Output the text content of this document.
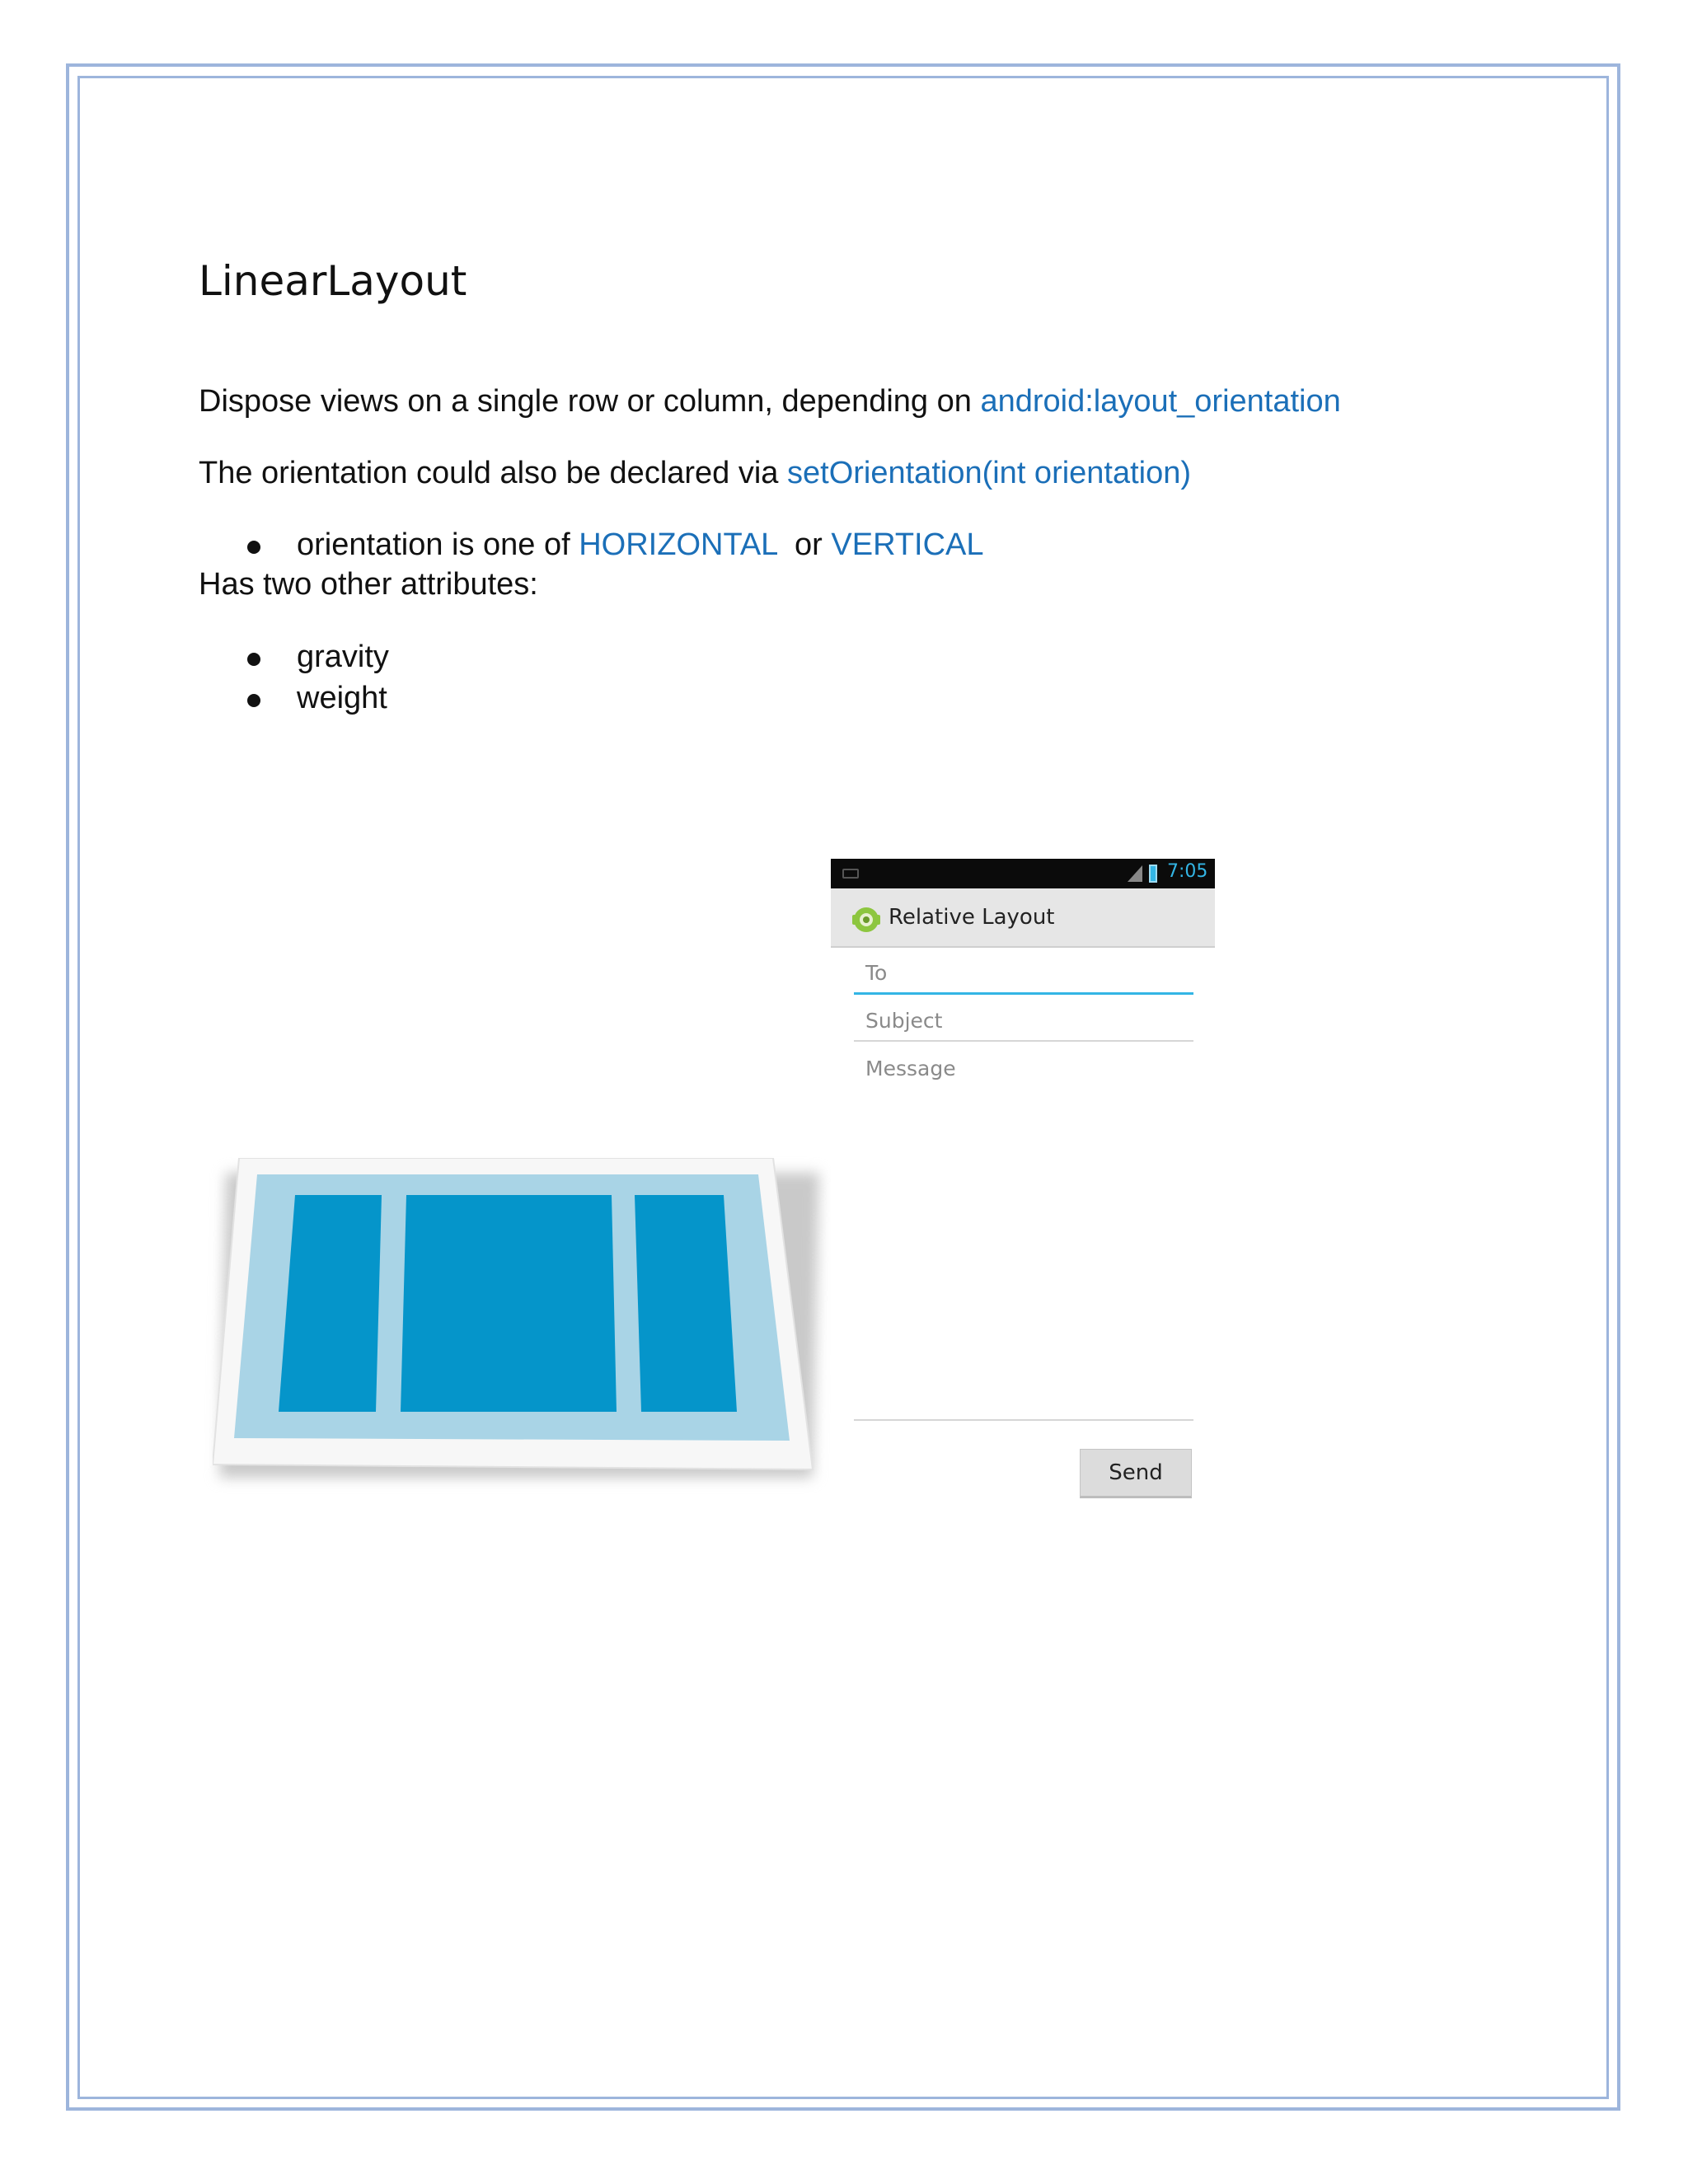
LinearLayout
Dispose views on a single row or column, depending on android:layout_orientation
The orientation could also be declared via setOrientation(int orientation)
orientation is one of HORIZONTAL  or VERTICAL
Has two other attributes:
gravity
weight
7:05
Relative Layout
To
Subject
Message
Send
